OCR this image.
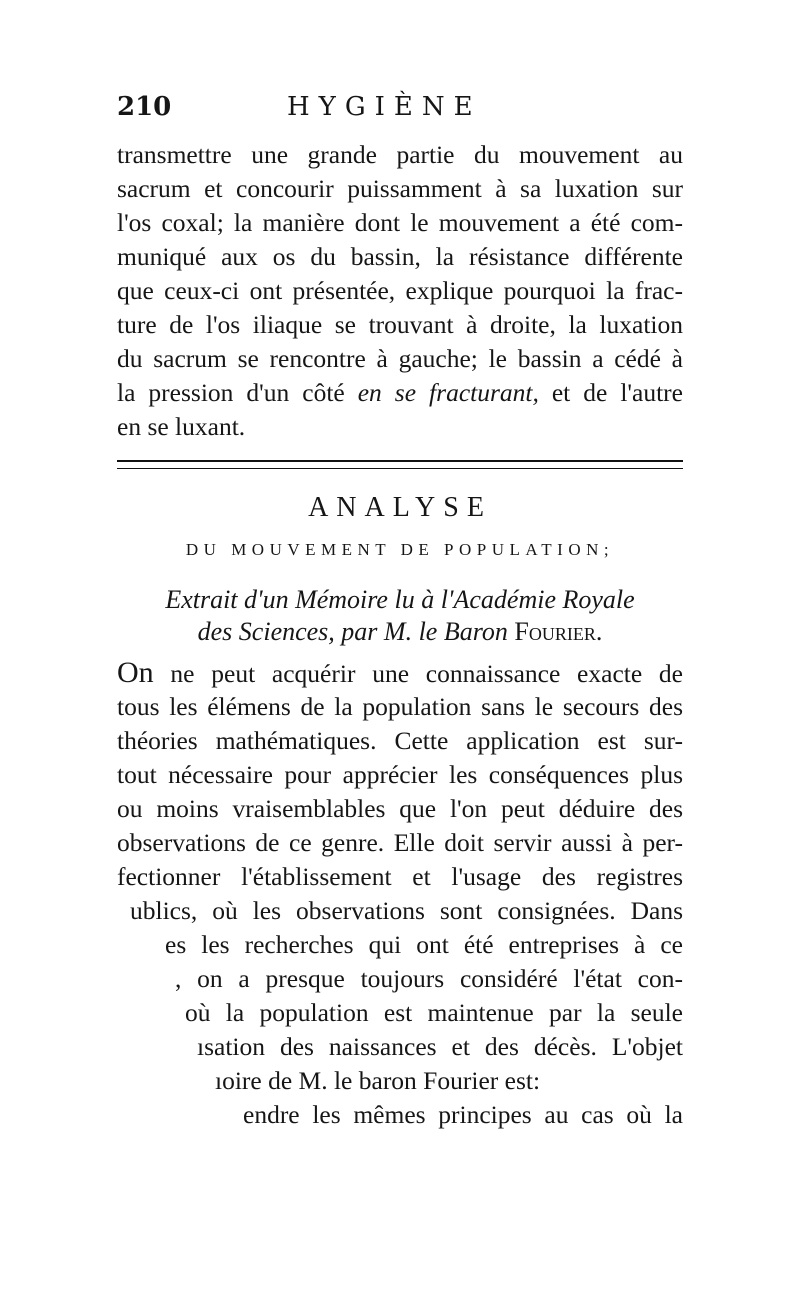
210	HYGIÈNE
transmettre une grande partie du mouvement au
sacrum et concourir puissamment à sa luxation sur
l'os coxal; la manière dont le mouvement a été com-
muniqué aux os du bassin, la résistance différente
que ceux-ci ont présentée, explique pourquoi la frac-
ture de l'os iliaque se trouvant à droite, la luxation
du sacrum se rencontre à gauche; le bassin a cédé à
la pression d'un côté en se fracturant, et de l'autre
en se luxant.
ANALYSE
DU MOUVEMENT DE POPULATION;
Extrait d'un Mémoire lu à l'Académie Royale
des Sciences, par M. le Baron Fourier.
On ne peut acquérir une connaissance exacte de
tous les élémens de la population sans le secours des
théories mathématiques. Cette application est sur-
tout nécessaire pour apprécier les conséquences plus
ou moins vraisemblables que l'on peut déduire des
observations de ce genre. Elle doit servir aussi à per-
fectionner l'établissement et l'usage des registres
ublics, où les observations sont consignées. Dans
es les recherches qui ont été entreprises à ce
, on a presque toujours considéré l'état con-
où la population est maintenue par la seule
ısation des naissances et des décès. L'objet
ıoire de M. le baron Fourier est:
endre les mêmes principes au cas où la
